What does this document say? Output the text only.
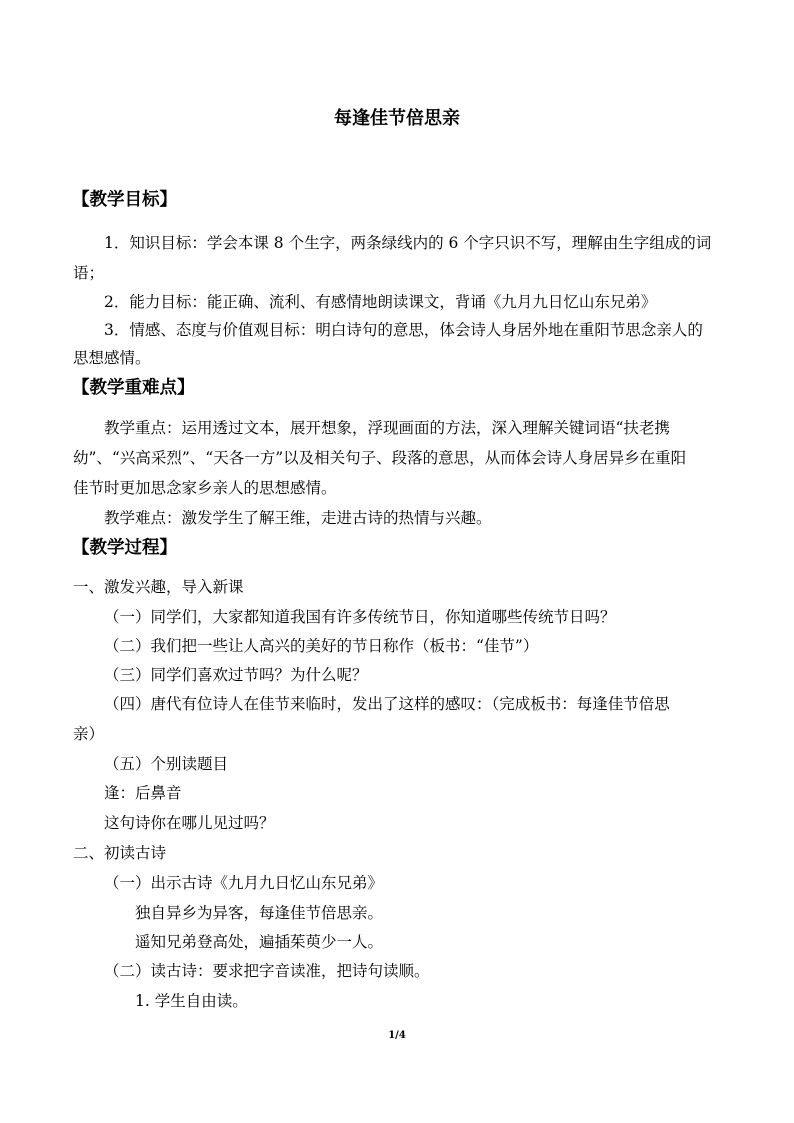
每逢佳节倍思亲
【教学目标】
1．知识目标：学会本课 8 个生字，两条绿线内的 6 个字只识不写，理解由生字组成的词
语；
2．能力目标：能正确、流利、有感情地朗读课文，背诵《九月九日忆山东兄弟》
3．情感、态度与价值观目标：明白诗句的意思，体会诗人身居外地在重阳节思念亲人的
思想感情。
【教学重难点】
教学重点：运用透过文本，展开想象，浮现画面的方法，深入理解关键词语“扶老携
幼”、“兴高采烈”、“天各一方”以及相关句子、段落的意思，从而体会诗人身居异乡在重阳
佳节时更加思念家乡亲人的思想感情。
教学难点：激发学生了解王维，走进古诗的热情与兴趣。
【教学过程】
一、激发兴趣，导入新课
（一）同学们，大家都知道我国有许多传统节日，你知道哪些传统节日吗？
（二）我们把一些让人高兴的美好的节日称作（板书：“佳节”）
（三）同学们喜欢过节吗？为什么呢？
（四）唐代有位诗人在佳节来临时，发出了这样的感叹：（完成板书：每逢佳节倍思
亲）
（五）个别读题目
逢：后鼻音
这句诗你在哪儿见过吗？
二、初读古诗
（一）出示古诗《九月九日忆山东兄弟》
独自异乡为异客，每逢佳节倍思亲。
遥知兄弟登高处，遍插茱萸少一人。
（二）读古诗：要求把字音读准，把诗句读顺。
1. 学生自由读。
1/4
